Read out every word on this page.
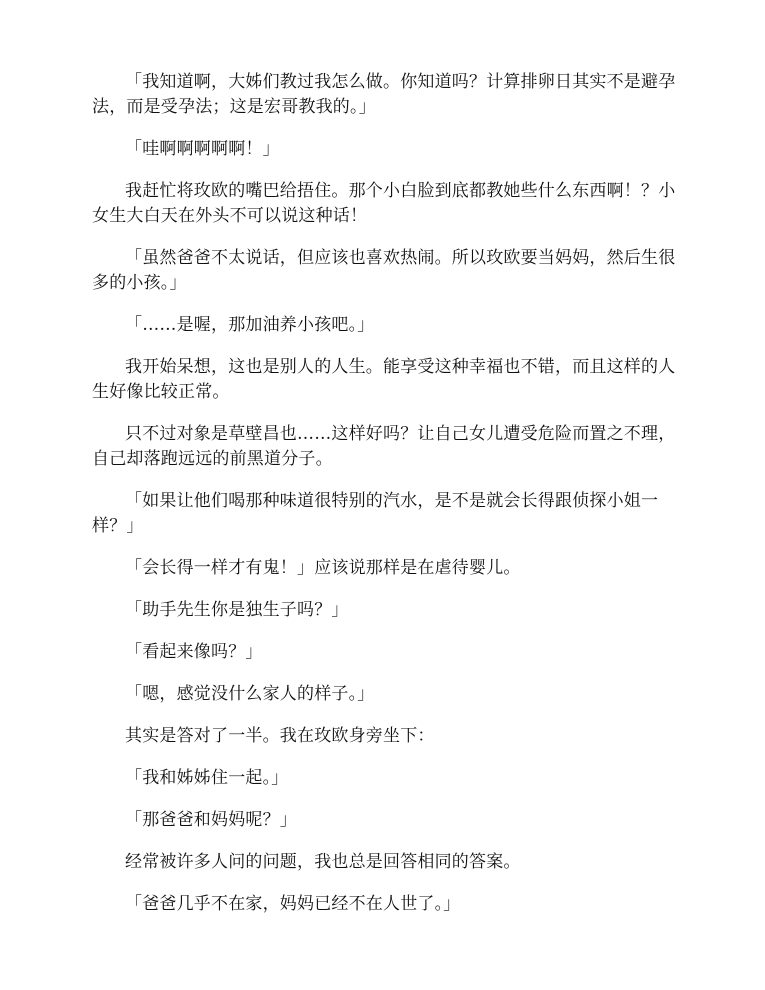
「我知道啊，大姊们教过我怎么做。你知道吗？计算排卵日其实不是避孕法，而是受孕法；这是宏哥教我的。」

「哇啊啊啊啊啊！」

我赶忙将玫欧的嘴巴给捂住。那个小白脸到底都教她些什么东西啊！？小女生大白天在外头不可以说这种话！

「虽然爸爸不太说话，但应该也喜欢热闹。所以玫欧要当妈妈，然后生很多的小孩。」

「……是喔，那加油养小孩吧。」

我开始呆想，这也是别人的人生。能享受这种幸福也不错，而且这样的人生好像比较正常。

只不过对象是草壁昌也……这样好吗？让自己女儿遭受危险而置之不理，自己却落跑远远的前黑道分子。

「如果让他们喝那种味道很特别的汽水，是不是就会长得跟侦探小姐一样？」

「会长得一样才有鬼！」应该说那样是在虐待婴儿。

「助手先生你是独生子吗？」

「看起来像吗？」

「嗯，感觉没什么家人的样子。」

其实是答对了一半。我在玫欧身旁坐下：

「我和姊姊住一起。」

「那爸爸和妈妈呢？」

经常被许多人问的问题，我也总是回答相同的答案。

「爸爸几乎不在家，妈妈已经不在人世了。」
